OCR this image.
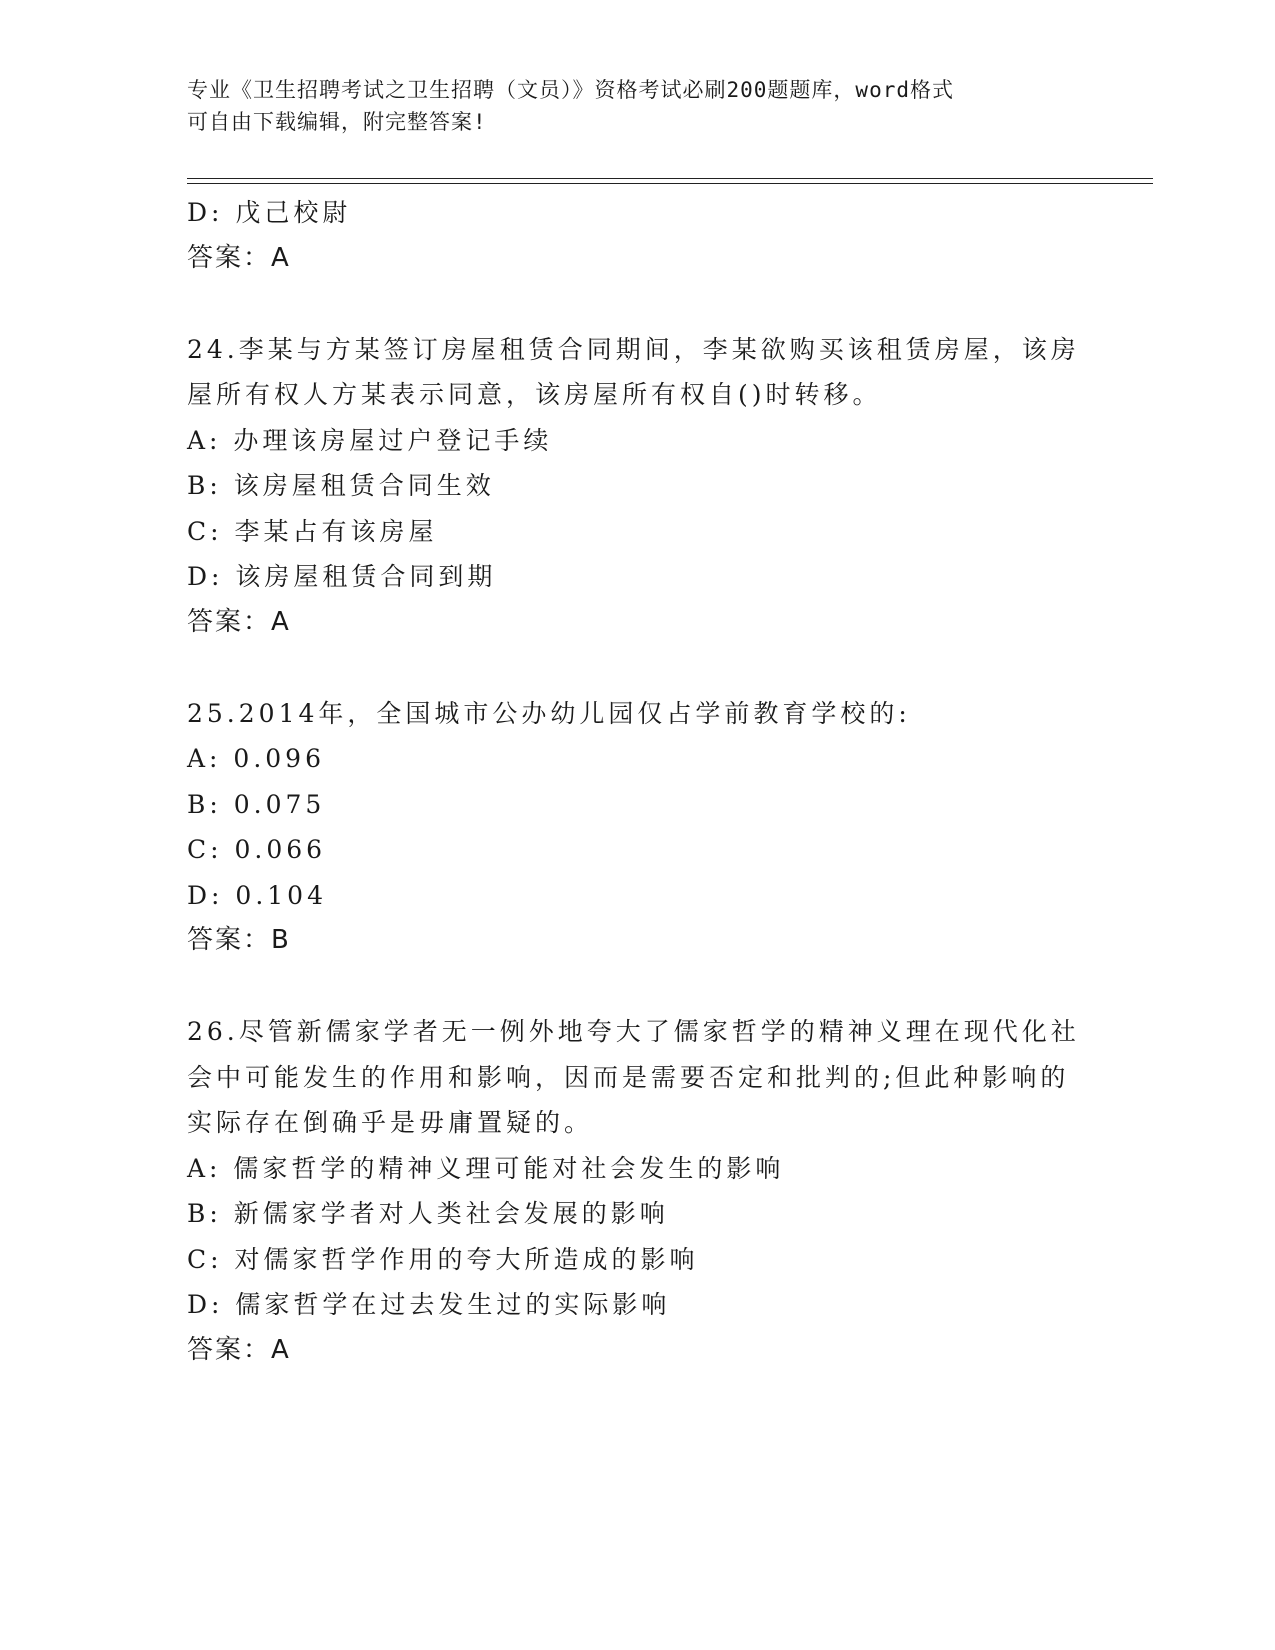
专业《卫生招聘考试之卫生招聘（文员）》资格考试必刷200题题库，word格式
可自由下载编辑，附完整答案!
D: 戊己校尉
答案：A
24.李某与方某签订房屋租赁合同期间，李某欲购买该租赁房屋，该房
屋所有权人方某表示同意，该房屋所有权自()时转移。
A: 办理该房屋过户登记手续
B: 该房屋租赁合同生效
C: 李某占有该房屋
D: 该房屋租赁合同到期
答案：A
25.2014年，全国城市公办幼儿园仅占学前教育学校的:
A: 0.096
B: 0.075
C: 0.066
D: 0.104
答案：B
26.尽管新儒家学者无一例外地夸大了儒家哲学的精神义理在现代化社
会中可能发生的作用和影响，因而是需要否定和批判的;但此种影响的
实际存在倒确乎是毋庸置疑的。
A: 儒家哲学的精神义理可能对社会发生的影响
B: 新儒家学者对人类社会发展的影响
C: 对儒家哲学作用的夸大所造成的影响
D: 儒家哲学在过去发生过的实际影响
答案：A
